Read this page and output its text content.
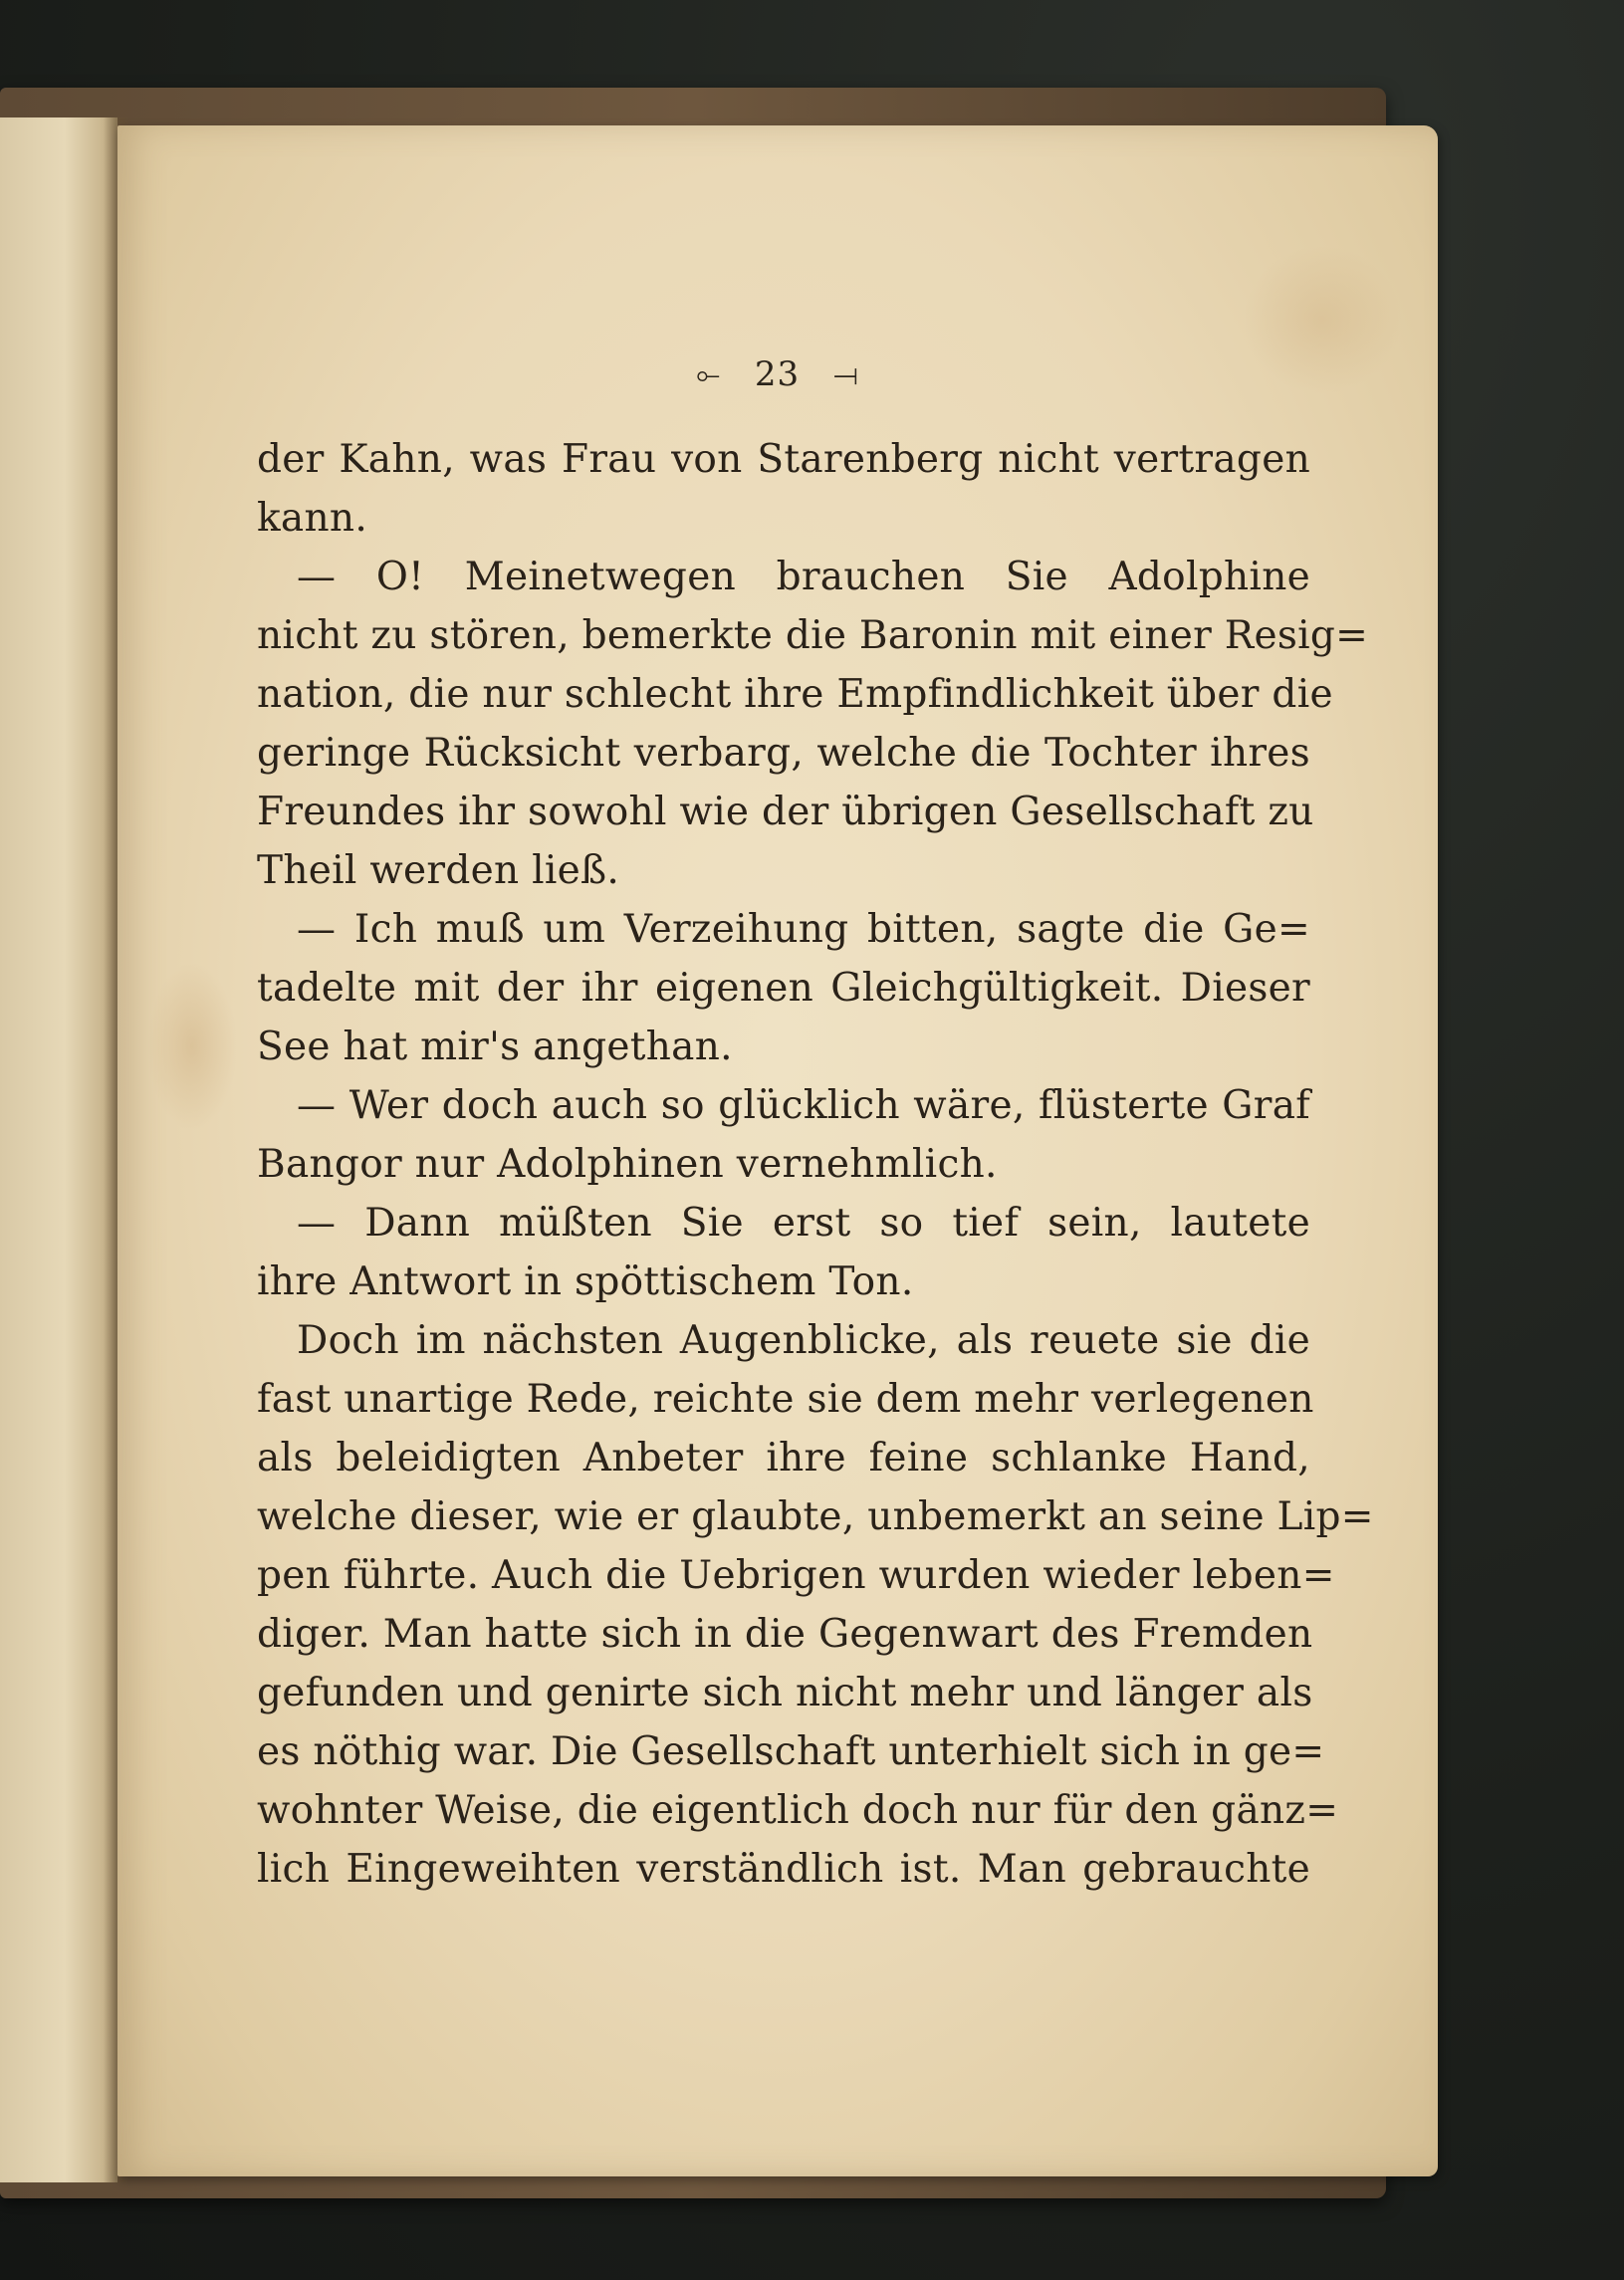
⟜ 23 ⟞
der Kahn, was Frau von Starenberg nicht vertragen
kann.
— O! Meinetwegen brauchen Sie Adolphine
nicht zu stören, bemerkte die Baronin mit einer Resig=
nation, die nur schlecht ihre Empfindlichkeit über die
geringe Rücksicht verbarg, welche die Tochter ihres
Freundes ihr sowohl wie der übrigen Gesellschaft zu
Theil werden ließ.
— Ich muß um Verzeihung bitten, sagte die Ge=
tadelte mit der ihr eigenen Gleichgültigkeit. Dieser
See hat mir's angethan.
— Wer doch auch so glücklich wäre, flüsterte Graf
Bangor nur Adolphinen vernehmlich.
— Dann müßten Sie erst so tief sein, lautete
ihre Antwort in spöttischem Ton.
Doch im nächsten Augenblicke, als reuete sie die
fast unartige Rede, reichte sie dem mehr verlegenen
als beleidigten Anbeter ihre feine schlanke Hand,
welche dieser, wie er glaubte, unbemerkt an seine Lip=
pen führte. Auch die Uebrigen wurden wieder leben=
diger. Man hatte sich in die Gegenwart des Fremden
gefunden und genirte sich nicht mehr und länger als
es nöthig war. Die Gesellschaft unterhielt sich in ge=
wohnter Weise, die eigentlich doch nur für den gänz=
lich Eingeweihten verständlich ist. Man gebrauchte
